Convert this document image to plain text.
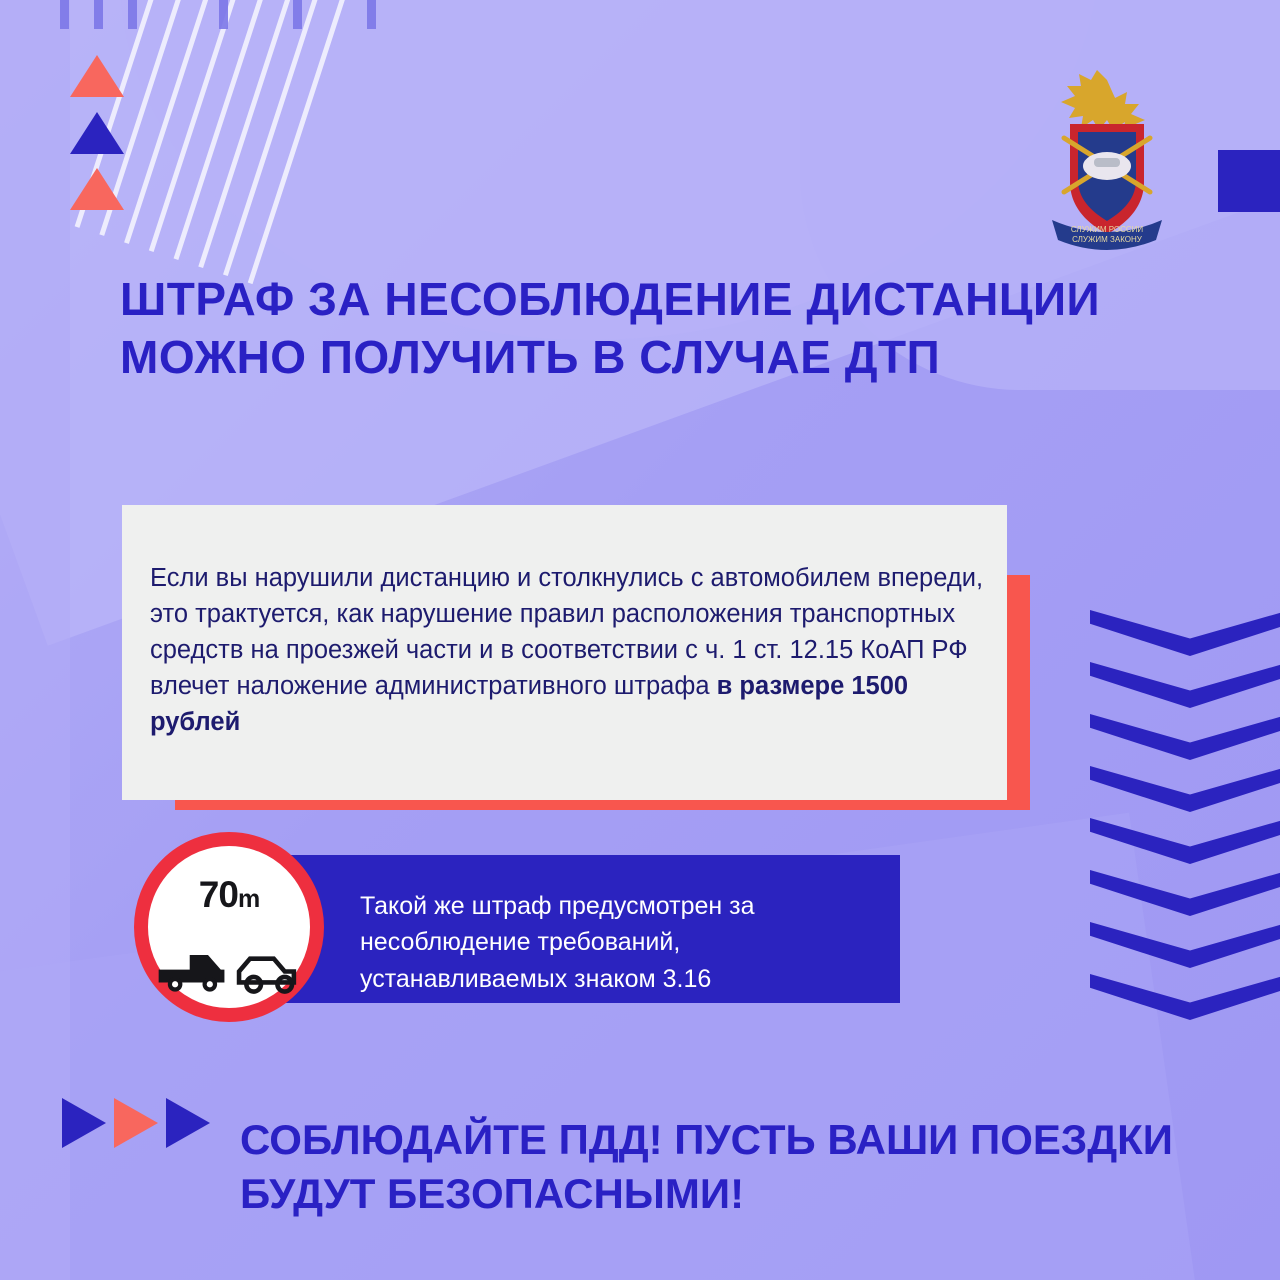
СЛУЖИМ РОССИИ
СЛУЖИМ ЗАКОНУ
ШТРАФ ЗА НЕСОБЛЮДЕНИЕ ДИСТАНЦИИ МОЖНО ПОЛУЧИТЬ В СЛУЧАЕ ДТП

Если вы нарушили дистанцию и столкнулись с автомобилем впереди, это трактуется, как нарушение правил расположения транспортных средств на проезжей части и в соответствии с ч. 1 ст. 12.15 КоАП РФ влечет наложение административного штрафа в размере 1500 рублей

Такой же штраф предусмотрен за несоблюдение требований, устанавливаемых знаком 3.16

70m
СОБЛЮДАЙТЕ ПДД! ПУСТЬ ВАШИ ПОЕЗДКИ БУДУТ БЕЗОПАСНЫМИ!
